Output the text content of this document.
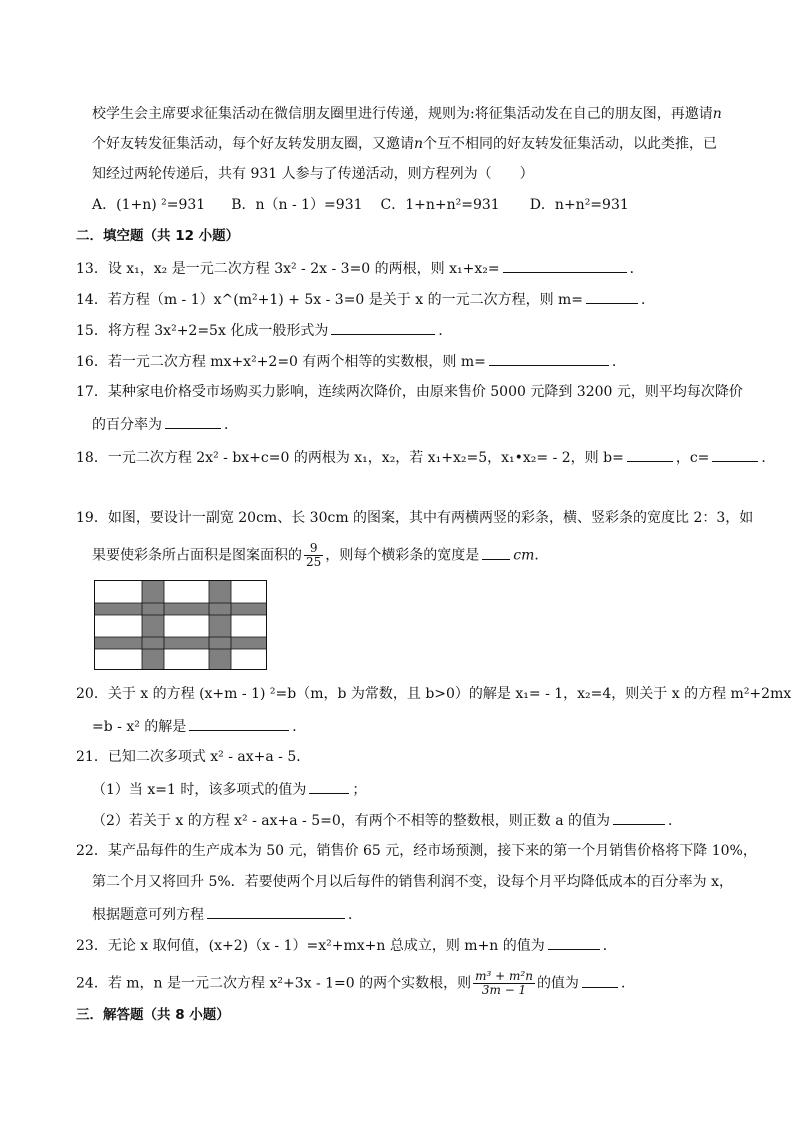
校学生会主席要求征集活动在微信朋友圈里进行传递，规则为:将征集活动发在自己的朋友图，再邀请n
个好友转发征集活动，每个好友转发朋友圈，又邀请n个互不相同的好友转发征集活动，以此类推，已
知经过两轮传递后，共有 931 人参与了传递活动，则方程列为（　　）
A．(1+n) ²=931 B．n（n - 1）=931 C．1+n+n²=931 D．n+n²=931
二．填空题（共 12 小题）
13．设 x₁，x₂ 是一元二次方程 3x² - 2x - 3=0 的两根，则 x₁+x₂=	．
14．若方程（m - 1）x^(m²+1) + 5x - 3=0 是关于 x 的一元二次方程，则 m=	．
15．将方程 3x²+2=5x 化成一般形式为	．
16．若一元二次方程 mx+x²+2=0 有两个相等的实数根，则 m=	．
17．某种家电价格受市场购买力影响，连续两次降价，由原来售价 5000 元降到 3200 元，则平均每次降价
的百分率为	．
18．一元二次方程 2x² - bx+c=0 的两根为 x₁，x₂，若 x₁+x₂=5，x₁•x₂= - 2，则 b=	，c=	．
19．如图，要设计一副宽 20cm、长 30cm 的图案，其中有两横两竖的彩条，横、竖彩条的宽度比 2：3，如
果要使彩条所占面积是图案面积的 $\frac{9}{25}$ ，则每个横彩条的宽度是 cm．
20．关于 x 的方程 (x+m - 1) ²=b（m，b 为常数，且 b>0）的解是 x₁= - 1，x₂=4，则关于 x 的方程 m²+2mx
=b - x² 的解是	．
21．已知二次多项式 x² - ax+a - 5．
（1）当 x=1 时，该多项式的值为	；
（2）若关于 x 的方程 x² - ax+a - 5=0，有两个不相等的整数根，则正数 a 的值为	．
22．某产品每件的生产成本为 50 元，销售价 65 元，经市场预测，接下来的第一个月销售价格将下降 10%，
第二个月又将回升 5%．若要使两个月以后每件的销售利润不变，设每个月平均降低成本的百分率为 x，
根据题意可列方程	．
23．无论 x 取何值，(x+2)（x - 1）=x²+mx+n 总成立，则 m+n 的值为	．
24．若 m，n 是一元二次方程 x²+3x - 1=0 的两个实数根，则 $\frac{\text{m³ + m²n}}{3m - 1}$ 的值为	．
三．解答题（共 8 小题）
